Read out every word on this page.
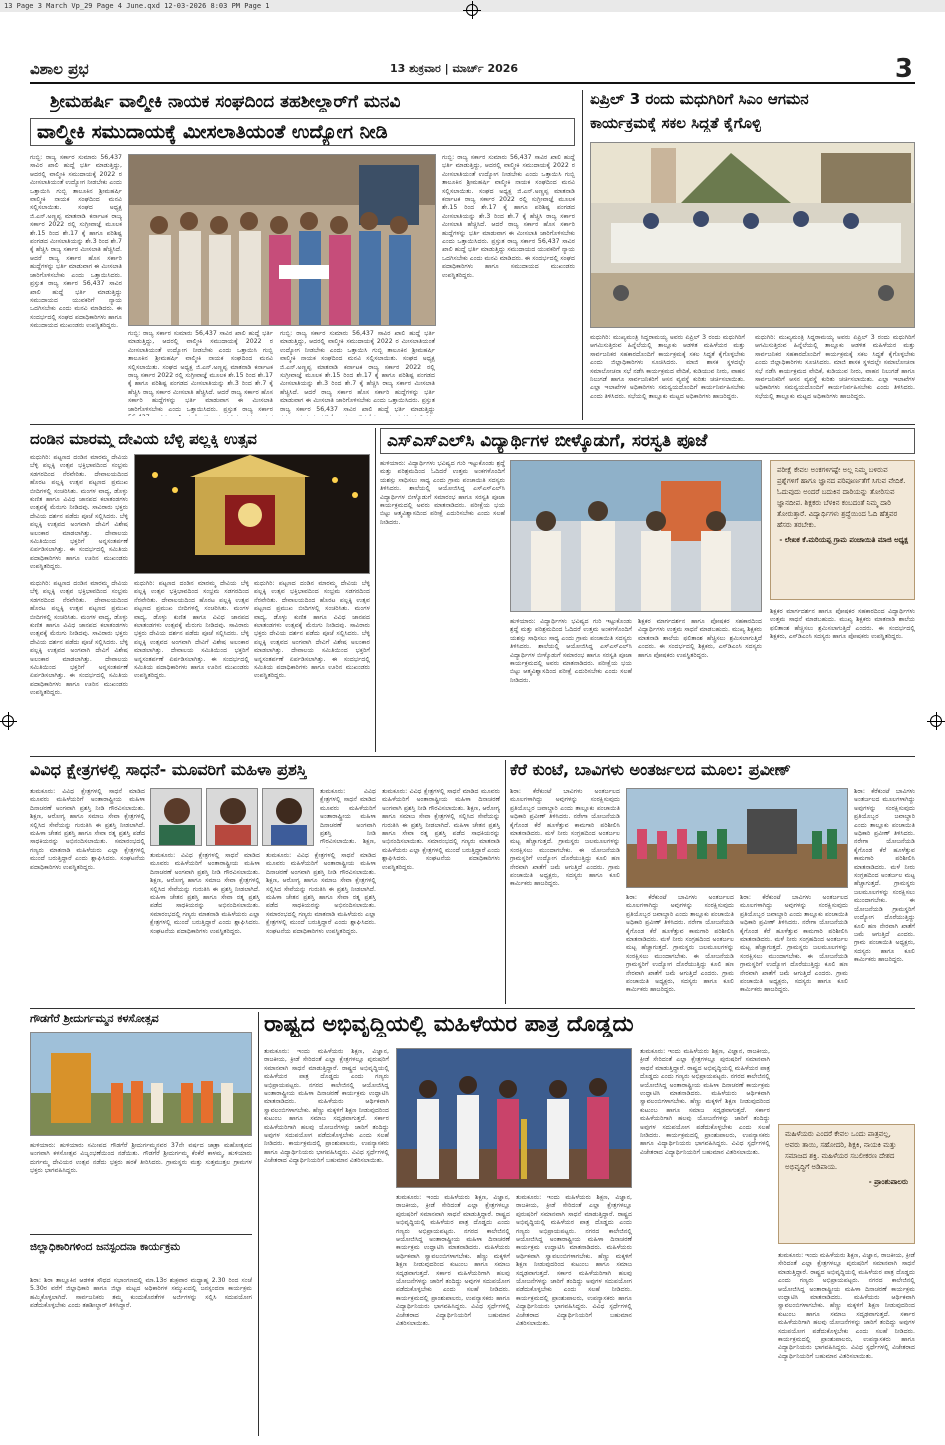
13 Page 3 March Vp_29 Page 4 June.qxd 12-03-2026 8:03 PM Page 1
ವಿಶಾಲ ಪ್ರಭ	13 ಶುಕ್ರವಾರ | ಮಾರ್ಚ್ 2026	3
ಶ್ರೀಮಹರ್ಷಿ ವಾಲ್ಮೀಕಿ ನಾಯಕ ಸಂಘದಿಂದ ತಹಶೀಲ್ದಾರ್‌ಗೆ ಮನವಿ
ವಾಲ್ಮೀಕಿ ಸಮುದಾಯಕ್ಕೆ ಮೀಸಲಾತಿಯಂತೆ ಉದ್ಯೋಗ ನೀಡಿ
ಗುಬ್ಬಿ: ರಾಜ್ಯ ಸರ್ಕಾರ ಸುಮಾರು 56,437 ಸಾವಿರ ಖಾಲಿ ಹುದ್ದೆ ಭರ್ತಿ ಮಾಡುತ್ತಿದ್ದು, ಆದರಲ್ಲಿ ವಾಲ್ಮೀಕಿ ಸಮುದಾಯಕ್ಕೆ 2022 ರ ಮೀಸಲಾತಿಯಂತೆ ಉದ್ಯೋಗ ನೀಡಬೇಕು ಎಂದು ಒತ್ತಾಯಿಸಿ ಗುಬ್ಬಿ ತಾಲೂಕಿನ ಶ್ರೀಮಹರ್ಷಿ ವಾಲ್ಮೀಕಿ ನಾಯಕ ಸಂಘದಿಂದ ಮನವಿ ಸಲ್ಲಿಸಲಾಯಿತು. ಸಂಘದ ಅಧ್ಯಕ್ಷ ಜಿ.ಎನ್.ಅಣ್ಣಪ್ಪ ಮಾತನಾಡಿ ಕರ್ನಾಟಕ ರಾಜ್ಯ ಸರ್ಕಾರ 2022 ರಲ್ಲಿ ಸುಗ್ರೀವಾಜ್ಞೆ ಮೂಲಕ ಶೇ.15 ರಿಂದ ಶೇ.17 ಕ್ಕೆ ಹಾಗೂ ಪರಿಶಿಷ್ಟ ಪಂಗಡದ ಮೀಸಲಾತಿಯನ್ನು ಶೇ.3 ರಿಂದ ಶೇ.7 ಕ್ಕೆ ಹೆಚ್ಚಿಸಿ ರಾಜ್ಯ ಸರ್ಕಾರ ಮೀಸಲಾತಿ ಹೆಚ್ಚಿಸಿದೆ. ಆದರೆ ರಾಜ್ಯ ಸರ್ಕಾರ ಹೊಸ ಸರ್ಕಾರಿ ಹುದ್ದೆಗಳನ್ನು ಭರ್ತಿ ಮಾಡುವಾಗ ಈ ಮೀಸಲಾತಿ ಜಾರಿಗೊಳಿಸಬೇಕು ಎಂದು ಒತ್ತಾಯಿಸಿದರು. ಪ್ರಸ್ತುತ ರಾಜ್ಯ ಸರ್ಕಾರ 56,437 ಸಾವಿರ ಖಾಲಿ ಹುದ್ದೆ ಭರ್ತಿ ಮಾಡುತ್ತಿದ್ದು ಸಮುದಾಯದ ಯುವಕರಿಗೆ ನ್ಯಾಯ ಒದಗಿಸಬೇಕು ಎಂದು ಮನವಿ ಮಾಡಿದರು. ಈ ಸಂದರ್ಭದಲ್ಲಿ ಸಂಘದ ಪದಾಧಿಕಾರಿಗಳು ಹಾಗೂ ಸಮುದಾಯದ ಮುಖಂಡರು ಉಪಸ್ಥಿತರಿದ್ದರು.
ಗುಬ್ಬಿ: ರಾಜ್ಯ ಸರ್ಕಾರ ಸುಮಾರು 56,437 ಸಾವಿರ ಖಾಲಿ ಹುದ್ದೆ ಭರ್ತಿ ಮಾಡುತ್ತಿದ್ದು, ಆದರಲ್ಲಿ ವಾಲ್ಮೀಕಿ ಸಮುದಾಯಕ್ಕೆ 2022 ರ ಮೀಸಲಾತಿಯಂತೆ ಉದ್ಯೋಗ ನೀಡಬೇಕು ಎಂದು ಒತ್ತಾಯಿಸಿ ಗುಬ್ಬಿ ತಾಲೂಕಿನ ಶ್ರೀಮಹರ್ಷಿ ವಾಲ್ಮೀಕಿ ನಾಯಕ ಸಂಘದಿಂದ ಮನವಿ ಸಲ್ಲಿಸಲಾಯಿತು. ಸಂಘದ ಅಧ್ಯಕ್ಷ ಜಿ.ಎನ್.ಅಣ್ಣಪ್ಪ ಮಾತನಾಡಿ ಕರ್ನಾಟಕ ರಾಜ್ಯ ಸರ್ಕಾರ 2022 ರಲ್ಲಿ ಸುಗ್ರೀವಾಜ್ಞೆ ಮೂಲಕ ಶೇ.15 ರಿಂದ ಶೇ.17 ಕ್ಕೆ ಹಾಗೂ ಪರಿಶಿಷ್ಟ ಪಂಗಡದ ಮೀಸಲಾತಿಯನ್ನು ಶೇ.3 ರಿಂದ ಶೇ.7 ಕ್ಕೆ ಹೆಚ್ಚಿಸಿ ರಾಜ್ಯ ಸರ್ಕಾರ ಮೀಸಲಾತಿ ಹೆಚ್ಚಿಸಿದೆ. ಆದರೆ ರಾಜ್ಯ ಸರ್ಕಾರ ಹೊಸ ಸರ್ಕಾರಿ ಹುದ್ದೆಗಳನ್ನು ಭರ್ತಿ ಮಾಡುವಾಗ ಈ ಮೀಸಲಾತಿ ಜಾರಿಗೊಳಿಸಬೇಕು ಎಂದು ಒತ್ತಾಯಿಸಿದರು. ಪ್ರಸ್ತುತ ರಾಜ್ಯ ಸರ್ಕಾರ
ಗುಬ್ಬಿ: ರಾಜ್ಯ ಸರ್ಕಾರ ಸುಮಾರು 56,437 ಸಾವಿರ ಖಾಲಿ ಹುದ್ದೆ ಭರ್ತಿ ಮಾಡುತ್ತಿದ್ದು, ಆದರಲ್ಲಿ ವಾಲ್ಮೀಕಿ ಸಮುದಾಯಕ್ಕೆ 2022 ರ ಮೀಸಲಾತಿಯಂತೆ ಉದ್ಯೋಗ ನೀಡಬೇಕು ಎಂದು ಒತ್ತಾಯಿಸಿ ಗುಬ್ಬಿ ತಾಲೂಕಿನ ಶ್ರೀಮಹರ್ಷಿ ವಾಲ್ಮೀಕಿ ನಾಯಕ ಸಂಘದಿಂದ ಮನವಿ ಸಲ್ಲಿಸಲಾಯಿತು. ಸಂಘದ ಅಧ್ಯಕ್ಷ ಜಿ.ಎನ್.ಅಣ್ಣಪ್ಪ ಮಾತನಾಡಿ ಕರ್ನಾಟಕ ರಾಜ್ಯ ಸರ್ಕಾರ 2022 ರಲ್ಲಿ ಸುಗ್ರೀವಾಜ್ಞೆ ಮೂಲಕ ಶೇ.15 ರಿಂದ ಶೇ.17 ಕ್ಕೆ ಹಾಗೂ ಪರಿಶಿಷ್ಟ ಪಂಗಡದ ಮೀಸಲಾತಿಯನ್ನು ಶೇ.3 ರಿಂದ ಶೇ.7 ಕ್ಕೆ ಹೆಚ್ಚಿಸಿ ರಾಜ್ಯ ಸರ್ಕಾರ ಮೀಸಲಾತಿ ಹೆಚ್ಚಿಸಿದೆ. ಆದರೆ ರಾಜ್ಯ ಸರ್ಕಾರ ಹೊಸ ಸರ್ಕಾರಿ ಹುದ್ದೆಗಳನ್ನು ಭರ್ತಿ ಮಾಡುವಾಗ ಈ ಮೀಸಲಾತಿ ಜಾರಿಗೊಳಿಸಬೇಕು ಎಂದು ಒತ್ತಾಯಿಸಿದರು. ಪ್ರಸ್ತುತ ರಾಜ್ಯ ಸರ್ಕಾರ 56,437 ಸಾವಿರ ಖಾಲಿ ಹುದ್ದೆ ಭರ್ತಿ ಮಾಡುತ್ತಿದ್ದು
ಗುಬ್ಬಿ: ರಾಜ್ಯ ಸರ್ಕಾರ ಸುಮಾರು 56,437 ಸಾವಿರ ಖಾಲಿ ಹುದ್ದೆ ಭರ್ತಿ ಮಾಡುತ್ತಿದ್ದು, ಆದರಲ್ಲಿ ವಾಲ್ಮೀಕಿ ಸಮುದಾಯಕ್ಕೆ 2022 ರ ಮೀಸಲಾತಿಯಂತೆ ಉದ್ಯೋಗ ನೀಡಬೇಕು ಎಂದು ಒತ್ತಾಯಿಸಿ ಗುಬ್ಬಿ ತಾಲೂಕಿನ ಶ್ರೀಮಹರ್ಷಿ ವಾಲ್ಮೀಕಿ ನಾಯಕ ಸಂಘದಿಂದ ಮನವಿ ಸಲ್ಲಿಸಲಾಯಿತು. ಸಂಘದ ಅಧ್ಯಕ್ಷ ಜಿ.ಎನ್.ಅಣ್ಣಪ್ಪ ಮಾತನಾಡಿ ಕರ್ನಾಟಕ ರಾಜ್ಯ ಸರ್ಕಾರ 2022 ರಲ್ಲಿ ಸುಗ್ರೀವಾಜ್ಞೆ ಮೂಲಕ ಶೇ.15 ರಿಂದ ಶೇ.17 ಕ್ಕೆ ಹಾಗೂ ಪರಿಶಿಷ್ಟ ಪಂಗಡದ ಮೀಸಲಾತಿಯನ್ನು ಶೇ.3 ರಿಂದ ಶೇ.7 ಕ್ಕೆ ಹೆಚ್ಚಿಸಿ ರಾಜ್ಯ ಸರ್ಕಾರ ಮೀಸಲಾತಿ ಹೆಚ್ಚಿಸಿದೆ. ಆದರೆ ರಾಜ್ಯ ಸರ್ಕಾರ ಹೊಸ ಸರ್ಕಾರಿ ಹುದ್ದೆಗಳನ್ನು ಭರ್ತಿ ಮಾಡುವಾಗ ಈ ಮೀಸಲಾತಿ ಜಾರಿಗೊಳಿಸಬೇಕು ಎಂದು ಒತ್ತಾಯಿಸಿದರು. ಪ್ರಸ್ತುತ ರಾಜ್ಯ ಸರ್ಕಾರ 56,437 ಸಾವಿರ ಖಾಲಿ ಹುದ್ದೆ ಭರ್ತಿ ಮಾಡುತ್ತಿದ್ದು ಸಮುದಾಯದ ಯುವಕರಿಗೆ ನ್ಯಾಯ ಒದಗಿಸಬೇಕು ಎಂದು ಮನವಿ ಮಾಡಿದರು. ಈ ಸಂದರ್ಭದಲ್ಲಿ ಸಂಘದ ಪದಾಧಿಕಾರಿಗಳು ಹಾಗೂ ಸಮುದಾಯದ ಮುಖಂಡರು ಉಪಸ್ಥಿತರಿದ್ದರು.
ಏಪ್ರಿಲ್ 3 ರಂದು ಮಧುಗಿರಿಗೆ ಸಿಎಂ ಆಗಮನ
ಕಾರ್ಯಕ್ರಮಕ್ಕೆ ಸಕಲ ಸಿದ್ಧತೆ ಕೈಗೊಳ್ಳಿ
ಮಧುಗಿರಿ: ಮುಖ್ಯಮಂತ್ರಿ ಸಿದ್ದರಾಮಯ್ಯ ಅವರು ಏಪ್ರಿಲ್ 3 ರಂದು ಮಧುಗಿರಿಗೆ ಆಗಮಿಸುತ್ತಿರುವ ಹಿನ್ನೆಲೆಯಲ್ಲಿ ತಾಲ್ಲೂಕು ಆಡಳಿತ ಮಹಿಳೆಯರ ಮತ್ತು ಸಾರ್ವಜನಿಕರ ಸಹಕಾರದೊಂದಿಗೆ ಕಾರ್ಯಕ್ರಮಕ್ಕೆ ಸಕಲ ಸಿದ್ಧತೆ ಕೈಗೊಳ್ಳಬೇಕು ಎಂದು ಜಿಲ್ಲಾಧಿಕಾರಿಗಳು ಸೂಚಿಸಿದರು. ಮಾಜಿ ಶಾಸಕ ಸ್ಥಳದಲ್ಲೇ ಸಮಾಲೋಚನಾ ಸಭೆ ನಡೆಸಿ ಕಾರ್ಯಕ್ರಮದ ವೇದಿಕೆ, ಕುಡಿಯುವ ನೀರು, ವಾಹನ ನಿಲುಗಡೆ ಹಾಗೂ ಸಾರ್ವಜನಿಕರಿಗೆ ಆಸನ ವ್ಯವಸ್ಥೆ ಕುರಿತು ಚರ್ಚಿಸಲಾಯಿತು. ಎಲ್ಲಾ ಇಲಾಖೆಗಳ ಅಧಿಕಾರಿಗಳು ಸಮನ್ವಯದೊಂದಿಗೆ ಕಾರ್ಯನಿರ್ವಹಿಸಬೇಕು ಎಂದು ತಿಳಿಸಿದರು. ಸಭೆಯಲ್ಲಿ ತಾಲ್ಲೂಕು ಮಟ್ಟದ ಅಧಿಕಾರಿಗಳು ಹಾಜರಿದ್ದರು.
ಮಧುಗಿರಿ: ಮುಖ್ಯಮಂತ್ರಿ ಸಿದ್ದರಾಮಯ್ಯ ಅವರು ಏಪ್ರಿಲ್ 3 ರಂದು ಮಧುಗಿರಿಗೆ ಆಗಮಿಸುತ್ತಿರುವ ಹಿನ್ನೆಲೆಯಲ್ಲಿ ತಾಲ್ಲೂಕು ಆಡಳಿತ ಮಹಿಳೆಯರ ಮತ್ತು ಸಾರ್ವಜನಿಕರ ಸಹಕಾರದೊಂದಿಗೆ ಕಾರ್ಯಕ್ರಮಕ್ಕೆ ಸಕಲ ಸಿದ್ಧತೆ ಕೈಗೊಳ್ಳಬೇಕು ಎಂದು ಜಿಲ್ಲಾಧಿಕಾರಿಗಳು ಸೂಚಿಸಿದರು. ಮಾಜಿ ಶಾಸಕ ಸ್ಥಳದಲ್ಲೇ ಸಮಾಲೋಚನಾ ಸಭೆ ನಡೆಸಿ ಕಾರ್ಯಕ್ರಮದ ವೇದಿಕೆ, ಕುಡಿಯುವ ನೀರು, ವಾಹನ ನಿಲುಗಡೆ ಹಾಗೂ ಸಾರ್ವಜನಿಕರಿಗೆ ಆಸನ ವ್ಯವಸ್ಥೆ ಕುರಿತು ಚರ್ಚಿಸಲಾಯಿತು. ಎಲ್ಲಾ ಇಲಾಖೆಗಳ ಅಧಿಕಾರಿಗಳು ಸಮನ್ವಯದೊಂದಿಗೆ ಕಾರ್ಯನಿರ್ವಹಿಸಬೇಕು ಎಂದು ತಿಳಿಸಿದರು. ಸಭೆಯಲ್ಲಿ ತಾಲ್ಲೂಕು ಮಟ್ಟದ ಅಧಿಕಾರಿಗಳು ಹಾಜರಿದ್ದರು.
ದಂಡಿನ ಮಾರಮ್ಮ ದೇವಿಯ ಬೆಳ್ಳಿ ಪಲ್ಲಕ್ಕಿ ಉತ್ಸವ
ಮಧುಗಿರಿ: ಪಟ್ಟಣದ ದಂಡಿನ ಮಾರಮ್ಮ ದೇವಿಯ ಬೆಳ್ಳಿ ಪಲ್ಲಕ್ಕಿ ಉತ್ಸವ ಭಕ್ತಿಭಾವದಿಂದ ಸಂಭ್ರಮ ಸಡಗರದಿಂದ ನೆರವೇರಿತು. ದೇವಾಲಯದಿಂದ ಹೊರಟ ಪಲ್ಲಕ್ಕಿ ಉತ್ಸವ ಪಟ್ಟಣದ ಪ್ರಮುಖ ಬೀದಿಗಳಲ್ಲಿ ಸಂಚರಿಸಿತು. ಮಂಗಳ ವಾದ್ಯ, ಡೊಳ್ಳು ಕುಣಿತ ಹಾಗೂ ವಿವಿಧ ಜಾನಪದ ಕಲಾತಂಡಗಳು ಉತ್ಸವಕ್ಕೆ ಮೆರುಗು ನೀಡಿದವು. ಸಾವಿರಾರು ಭಕ್ತರು ದೇವಿಯ ದರ್ಶನ ಪಡೆದು ಪೂಜೆ ಸಲ್ಲಿಸಿದರು. ಬೆಳ್ಳಿ ಪಲ್ಲಕ್ಕಿ ಉತ್ಸವದ ಅಂಗವಾಗಿ ದೇವಿಗೆ ವಿಶೇಷ ಅಲಂಕಾರ ಮಾಡಲಾಗಿತ್ತು. ದೇವಾಲಯ ಸಮಿತಿಯಿಂದ ಭಕ್ತರಿಗೆ ಅನ್ನಸಂತರ್ಪಣೆ ಏರ್ಪಡಿಸಲಾಗಿತ್ತು. ಈ ಸಂದರ್ಭದಲ್ಲಿ ಸಮಿತಿಯ ಪದಾಧಿಕಾರಿಗಳು ಹಾಗೂ ಊರಿನ ಮುಖಂಡರು ಉಪಸ್ಥಿತರಿದ್ದರು.
ಮಧುಗಿರಿ: ಪಟ್ಟಣದ ದಂಡಿನ ಮಾರಮ್ಮ ದೇವಿಯ ಬೆಳ್ಳಿ ಪಲ್ಲಕ್ಕಿ ಉತ್ಸವ ಭಕ್ತಿಭಾವದಿಂದ ಸಂಭ್ರಮ ಸಡಗರದಿಂದ ನೆರವೇರಿತು. ದೇವಾಲಯದಿಂದ ಹೊರಟ ಪಲ್ಲಕ್ಕಿ ಉತ್ಸವ ಪಟ್ಟಣದ ಪ್ರಮುಖ ಬೀದಿಗಳಲ್ಲಿ ಸಂಚರಿಸಿತು. ಮಂಗಳ ವಾದ್ಯ, ಡೊಳ್ಳು ಕುಣಿತ ಹಾಗೂ ವಿವಿಧ ಜಾನಪದ ಕಲಾತಂಡಗಳು ಉತ್ಸವಕ್ಕೆ ಮೆರುಗು ನೀಡಿದವು. ಸಾವಿರಾರು ಭಕ್ತರು ದೇವಿಯ ದರ್ಶನ ಪಡೆದು ಪೂಜೆ ಸಲ್ಲಿಸಿದರು. ಬೆಳ್ಳಿ ಪಲ್ಲಕ್ಕಿ ಉತ್ಸವದ ಅಂಗವಾಗಿ ದೇವಿಗೆ ವಿಶೇಷ ಅಲಂಕಾರ ಮಾಡಲಾಗಿತ್ತು. ದೇವಾಲಯ ಸಮಿತಿಯಿಂದ ಭಕ್ತರಿಗೆ ಅನ್ನಸಂತರ್ಪಣೆ ಏರ್ಪಡಿಸಲಾಗಿತ್ತು. ಈ ಸಂದರ್ಭದಲ್ಲಿ ಸಮಿತಿಯ ಪದಾಧಿಕಾರಿಗಳು ಹಾಗೂ ಊರಿನ ಮುಖಂಡರು ಉಪಸ್ಥಿತರಿದ್ದರು.
ಮಧುಗಿರಿ: ಪಟ್ಟಣದ ದಂಡಿನ ಮಾರಮ್ಮ ದೇವಿಯ ಬೆಳ್ಳಿ ಪಲ್ಲಕ್ಕಿ ಉತ್ಸವ ಭಕ್ತಿಭಾವದಿಂದ ಸಂಭ್ರಮ ಸಡಗರದಿಂದ ನೆರವೇರಿತು. ದೇವಾಲಯದಿಂದ ಹೊರಟ ಪಲ್ಲಕ್ಕಿ ಉತ್ಸವ ಪಟ್ಟಣದ ಪ್ರಮುಖ ಬೀದಿಗಳಲ್ಲಿ ಸಂಚರಿಸಿತು. ಮಂಗಳ ವಾದ್ಯ, ಡೊಳ್ಳು ಕುಣಿತ ಹಾಗೂ ವಿವಿಧ ಜಾನಪದ ಕಲಾತಂಡಗಳು ಉತ್ಸವಕ್ಕೆ ಮೆರುಗು ನೀಡಿದವು. ಸಾವಿರಾರು ಭಕ್ತರು ದೇವಿಯ ದರ್ಶನ ಪಡೆದು ಪೂಜೆ ಸಲ್ಲಿಸಿದರು. ಬೆಳ್ಳಿ ಪಲ್ಲಕ್ಕಿ ಉತ್ಸವದ ಅಂಗವಾಗಿ ದೇವಿಗೆ ವಿಶೇಷ ಅಲಂಕಾರ ಮಾಡಲಾಗಿತ್ತು. ದೇವಾಲಯ ಸಮಿತಿಯಿಂದ ಭಕ್ತರಿಗೆ ಅನ್ನಸಂತರ್ಪಣೆ ಏರ್ಪಡಿಸಲಾಗಿತ್ತು. ಈ ಸಂದರ್ಭದಲ್ಲಿ ಸಮಿತಿಯ ಪದಾಧಿಕಾರಿಗಳು ಹಾಗೂ ಊರಿನ ಮುಖಂಡರು ಉಪಸ್ಥಿತರಿದ್ದರು.
ಮಧುಗಿರಿ: ಪಟ್ಟಣದ ದಂಡಿನ ಮಾರಮ್ಮ ದೇವಿಯ ಬೆಳ್ಳಿ ಪಲ್ಲಕ್ಕಿ ಉತ್ಸವ ಭಕ್ತಿಭಾವದಿಂದ ಸಂಭ್ರಮ ಸಡಗರದಿಂದ ನೆರವೇರಿತು. ದೇವಾಲಯದಿಂದ ಹೊರಟ ಪಲ್ಲಕ್ಕಿ ಉತ್ಸವ ಪಟ್ಟಣದ ಪ್ರಮುಖ ಬೀದಿಗಳಲ್ಲಿ ಸಂಚರಿಸಿತು. ಮಂಗಳ ವಾದ್ಯ, ಡೊಳ್ಳು ಕುಣಿತ ಹಾಗೂ ವಿವಿಧ ಜಾನಪದ ಕಲಾತಂಡಗಳು ಉತ್ಸವಕ್ಕೆ ಮೆರುಗು ನೀಡಿದವು. ಸಾವಿರಾರು ಭಕ್ತರು ದೇವಿಯ ದರ್ಶನ ಪಡೆದು ಪೂಜೆ ಸಲ್ಲಿಸಿದರು. ಬೆಳ್ಳಿ ಪಲ್ಲಕ್ಕಿ ಉತ್ಸವದ ಅಂಗವಾಗಿ ದೇವಿಗೆ ವಿಶೇಷ ಅಲಂಕಾರ ಮಾಡಲಾಗಿತ್ತು. ದೇವಾಲಯ ಸಮಿತಿಯಿಂದ ಭಕ್ತರಿಗೆ ಅನ್ನಸಂತರ್ಪಣೆ ಏರ್ಪಡಿಸಲಾಗಿತ್ತು. ಈ ಸಂದರ್ಭದಲ್ಲಿ ಸಮಿತಿಯ ಪದಾಧಿಕಾರಿಗಳು ಹಾಗೂ ಊರಿನ ಮುಖಂಡರು ಉಪಸ್ಥಿತರಿದ್ದರು.
ಎಸ್ಎಸ್ಎಲ್‌ಸಿ ವಿದ್ಯಾರ್ಥಿಗಳ ಬೀಳ್ಕೊಡುಗೆ, ಸರಸ್ವತಿ ಪೂಜೆ
ಹುಳಿಯಾರು: ವಿದ್ಯಾರ್ಥಿಗಳು ಭವಿಷ್ಯದ ಗುರಿ ಇಟ್ಟುಕೊಂಡು ಶ್ರದ್ಧೆ ಮತ್ತು ಪರಿಶ್ರಮದಿಂದ ಓದಿದರೆ ಉತ್ತಮ ಅಂಕಗಳೊಂದಿಗೆ ಯಶಸ್ಸು ಸಾಧಿಸಲು ಸಾಧ್ಯ ಎಂದು ಗ್ರಾಮ ಪಂಚಾಯಿತಿ ಸದಸ್ಯರು ತಿಳಿಸಿದರು. ಶಾಲೆಯಲ್ಲಿ ಆಯೋಜಿಸಿದ್ದ ಎಸ್ಎಸ್ಎಲ್‌ಸಿ ವಿದ್ಯಾರ್ಥಿಗಳ ಬೀಳ್ಕೊಡುಗೆ ಸಮಾರಂಭ ಹಾಗೂ ಸರಸ್ವತಿ ಪೂಜಾ ಕಾರ್ಯಕ್ರಮದಲ್ಲಿ ಅವರು ಮಾತನಾಡಿದರು. ಪರೀಕ್ಷೆಯ ಭಯ ಬಿಟ್ಟು ಆತ್ಮವಿಶ್ವಾಸದಿಂದ ಪರೀಕ್ಷೆ ಎದುರಿಸಬೇಕು ಎಂದು ಸಲಹೆ ನೀಡಿದರು.
ಪರೀಕ್ಷೆ ಕೇವಲ ಅಂಕಗಳಿಗಷ್ಟೇ ಅಲ್ಲ ನಿಮ್ಮ ಬಳಿರುವ ಪ್ರಶ್ನೆಗಳಿಗೆ ಹಾಗೂ ಜ್ಞಾನದ ಪರಿಪೂರ್ಣತೆಗೆ ಸಿಗುವ ವೇದಿಕೆ. ಓದುವುದು ಅಂದರೆ ಬದುಕಿನ ದಾರಿಯನ್ನು ತೋರಿಸುವ ಜ್ಞಾನದೀಪ. ಶಿಕ್ಷಕರು ಬೆಳಕಿನ ಕಂಬದಂತೆ ನಿಮ್ಮ ದಾರಿ ತೋರುತ್ತಾರೆ. ವಿದ್ಯಾರ್ಥಿಗಳು ಶ್ರದ್ಧೆಯಿಂದ ಓದಿ ಹೆತ್ತವರ ಹೆಸರು ತರಬೇಕು.
- ಲೇಖಕ ಕೆ.ಮರಿಯಪ್ಪ ಗ್ರಾಮ ಪಂಚಾಯಿತಿ ಮಾಜಿ ಅಧ್ಯಕ್ಷ
ಹುಳಿಯಾರು: ವಿದ್ಯಾರ್ಥಿಗಳು ಭವಿಷ್ಯದ ಗುರಿ ಇಟ್ಟುಕೊಂಡು ಶ್ರದ್ಧೆ ಮತ್ತು ಪರಿಶ್ರಮದಿಂದ ಓದಿದರೆ ಉತ್ತಮ ಅಂಕಗಳೊಂದಿಗೆ ಯಶಸ್ಸು ಸಾಧಿಸಲು ಸಾಧ್ಯ ಎಂದು ಗ್ರಾಮ ಪಂಚಾಯಿತಿ ಸದಸ್ಯರು ತಿಳಿಸಿದರು. ಶಾಲೆಯಲ್ಲಿ ಆಯೋಜಿಸಿದ್ದ ಎಸ್ಎಸ್ಎಲ್‌ಸಿ ವಿದ್ಯಾರ್ಥಿಗಳ ಬೀಳ್ಕೊಡುಗೆ ಸಮಾರಂಭ ಹಾಗೂ ಸರಸ್ವತಿ ಪೂಜಾ ಕಾರ್ಯಕ್ರಮದಲ್ಲಿ ಅವರು ಮಾತನಾಡಿದರು. ಪರೀಕ್ಷೆಯ ಭಯ ಬಿಟ್ಟು ಆತ್ಮವಿಶ್ವಾಸದಿಂದ ಪರೀಕ್ಷೆ ಎದುರಿಸಬೇಕು ಎಂದು ಸಲಹೆ ನೀಡಿದರು.
ಶಿಕ್ಷಕರ ಮಾರ್ಗದರ್ಶನ ಹಾಗೂ ಪೋಷಕರ ಸಹಕಾರದಿಂದ ವಿದ್ಯಾರ್ಥಿಗಳು ಉತ್ತಮ ಸಾಧನೆ ಮಾಡಬಹುದು. ಮುಖ್ಯ ಶಿಕ್ಷಕರು ಮಾತನಾಡಿ ಶಾಲೆಯ ಫಲಿತಾಂಶ ಹೆಚ್ಚಿಸಲು ಶ್ರಮಿಸಲಾಗುತ್ತಿದೆ ಎಂದರು. ಈ ಸಂದರ್ಭದಲ್ಲಿ ಶಿಕ್ಷಕರು, ಎಸ್‌ಡಿಎಂಸಿ ಸದಸ್ಯರು ಹಾಗೂ ಪೋಷಕರು ಉಪಸ್ಥಿತರಿದ್ದರು.
ಶಿಕ್ಷಕರ ಮಾರ್ಗದರ್ಶನ ಹಾಗೂ ಪೋಷಕರ ಸಹಕಾರದಿಂದ ವಿದ್ಯಾರ್ಥಿಗಳು ಉತ್ತಮ ಸಾಧನೆ ಮಾಡಬಹುದು. ಮುಖ್ಯ ಶಿಕ್ಷಕರು ಮಾತನಾಡಿ ಶಾಲೆಯ ಫಲಿತಾಂಶ ಹೆಚ್ಚಿಸಲು ಶ್ರಮಿಸಲಾಗುತ್ತಿದೆ ಎಂದರು. ಈ ಸಂದರ್ಭದಲ್ಲಿ ಶಿಕ್ಷಕರು, ಎಸ್‌ಡಿಎಂಸಿ ಸದಸ್ಯರು ಹಾಗೂ ಪೋಷಕರು ಉಪಸ್ಥಿತರಿದ್ದರು.
ವಿವಿಧ ಕ್ಷೇತ್ರಗಳಲ್ಲಿ ಸಾಧನೆ- ಮೂವರಿಗೆ ಮಹಿಳಾ ಪ್ರಶಸ್ತಿ
ತುಮಕೂರು: ವಿವಿಧ ಕ್ಷೇತ್ರಗಳಲ್ಲಿ ಸಾಧನೆ ಮಾಡಿದ ಮೂವರು ಮಹಿಳೆಯರಿಗೆ ಅಂತಾರಾಷ್ಟ್ರೀಯ ಮಹಿಳಾ ದಿನಾಚರಣೆ ಅಂಗವಾಗಿ ಪ್ರಶಸ್ತಿ ನೀಡಿ ಗೌರವಿಸಲಾಯಿತು. ಶಿಕ್ಷಣ, ಆರೋಗ್ಯ ಹಾಗೂ ಸಮಾಜ ಸೇವಾ ಕ್ಷೇತ್ರಗಳಲ್ಲಿ ಸಲ್ಲಿಸಿದ ಸೇವೆಯನ್ನು ಗುರುತಿಸಿ ಈ ಪ್ರಶಸ್ತಿ ನೀಡಲಾಗಿದೆ. ಮಹಿಳಾ ಚೇತನ ಪ್ರಶಸ್ತಿ ಹಾಗೂ ಸೇವಾ ರತ್ನ ಪ್ರಶಸ್ತಿ ಪಡೆದ ಸಾಧಕಿಯರನ್ನು ಅಭಿನಂದಿಸಲಾಯಿತು. ಸಮಾರಂಭದಲ್ಲಿ ಗಣ್ಯರು ಮಾತನಾಡಿ ಮಹಿಳೆಯರು ಎಲ್ಲಾ ಕ್ಷೇತ್ರಗಳಲ್ಲಿ ಮುಂದೆ ಬರುತ್ತಿದ್ದಾರೆ ಎಂದು ಶ್ಲಾಘಿಸಿದರು. ಸಂಘಟನೆಯ ಪದಾಧಿಕಾರಿಗಳು ಉಪಸ್ಥಿತರಿದ್ದರು.
ತುಮಕೂರು: ವಿವಿಧ ಕ್ಷೇತ್ರಗಳಲ್ಲಿ ಸಾಧನೆ ಮಾಡಿದ ಮೂವರು ಮಹಿಳೆಯರಿಗೆ ಅಂತಾರಾಷ್ಟ್ರೀಯ ಮಹಿಳಾ ದಿನಾಚರಣೆ ಅಂಗವಾಗಿ ಪ್ರಶಸ್ತಿ ನೀಡಿ ಗೌರವಿಸಲಾಯಿತು. ಶಿಕ್ಷಣ, ಆರೋಗ್ಯ ಹಾಗೂ ಸಮಾಜ ಸೇವಾ ಕ್ಷೇತ್ರಗಳಲ್ಲಿ ಸಲ್ಲಿಸಿದ ಸೇವೆಯನ್ನು ಗುರುತಿಸಿ ಈ ಪ್ರಶಸ್ತಿ ನೀಡಲಾಗಿದೆ. ಮಹಿಳಾ ಚೇತನ ಪ್ರಶಸ್ತಿ ಹಾಗೂ ಸೇವಾ ರತ್ನ ಪ್ರಶಸ್ತಿ ಪಡೆದ ಸಾಧಕಿಯರನ್ನು ಅಭಿನಂದಿಸಲಾಯಿತು. ಸಮಾರಂಭದಲ್ಲಿ ಗಣ್ಯರು ಮಾತನಾಡಿ ಮಹಿಳೆಯರು ಎಲ್ಲಾ ಕ್ಷೇತ್ರಗಳಲ್ಲಿ ಮುಂದೆ ಬರುತ್ತಿದ್ದಾರೆ ಎಂದು ಶ್ಲಾಘಿಸಿದರು. ಸಂಘಟನೆಯ ಪದಾಧಿಕಾರಿಗಳು ಉಪಸ್ಥಿತರಿದ್ದರು.
ತುಮಕೂರು: ವಿವಿಧ ಕ್ಷೇತ್ರಗಳಲ್ಲಿ ಸಾಧನೆ ಮಾಡಿದ ಮೂವರು ಮಹಿಳೆಯರಿಗೆ ಅಂತಾರಾಷ್ಟ್ರೀಯ ಮಹಿಳಾ ದಿನಾಚರಣೆ ಅಂಗವಾಗಿ ಪ್ರಶಸ್ತಿ ನೀಡಿ ಗೌರವಿಸಲಾಯಿತು. ಶಿಕ್ಷಣ, ಆರೋಗ್ಯ ಹಾಗೂ ಸಮಾಜ ಸೇವಾ ಕ್ಷೇತ್ರಗಳಲ್ಲಿ ಸಲ್ಲಿಸಿದ ಸೇವೆಯನ್ನು ಗುರುತಿಸಿ ಈ ಪ್ರಶಸ್ತಿ ನೀಡಲಾಗಿದೆ. ಮಹಿಳಾ ಚೇತನ ಪ್ರಶಸ್ತಿ ಹಾಗೂ ಸೇವಾ ರತ್ನ ಪ್ರಶಸ್ತಿ ಪಡೆದ ಸಾಧಕಿಯರನ್ನು ಅಭಿನಂದಿಸಲಾಯಿತು. ಸಮಾರಂಭದಲ್ಲಿ ಗಣ್ಯರು ಮಾತನಾಡಿ ಮಹಿಳೆಯರು ಎಲ್ಲಾ ಕ್ಷೇತ್ರಗಳಲ್ಲಿ ಮುಂದೆ ಬರುತ್ತಿದ್ದಾರೆ ಎಂದು ಶ್ಲಾಘಿಸಿದರು. ಸಂಘಟನೆಯ ಪದಾಧಿಕಾರಿಗಳು ಉಪಸ್ಥಿತರಿದ್ದರು.
ತುಮಕೂರು: ವಿವಿಧ ಕ್ಷೇತ್ರಗಳಲ್ಲಿ ಸಾಧನೆ ಮಾಡಿದ ಮೂವರು ಮಹಿಳೆಯರಿಗೆ ಅಂತಾರಾಷ್ಟ್ರೀಯ ಮಹಿಳಾ ದಿನಾಚರಣೆ ಅಂಗವಾಗಿ ಪ್ರಶಸ್ತಿ ನೀಡಿ ಗೌರವಿಸಲಾಯಿತು. ಶಿಕ್ಷಣ,
ತುಮಕೂರು: ವಿವಿಧ ಕ್ಷೇತ್ರಗಳಲ್ಲಿ ಸಾಧನೆ ಮಾಡಿದ ಮೂವರು ಮಹಿಳೆಯರಿಗೆ ಅಂತಾರಾಷ್ಟ್ರೀಯ ಮಹಿಳಾ ದಿನಾಚರಣೆ ಅಂಗವಾಗಿ ಪ್ರಶಸ್ತಿ ನೀಡಿ ಗೌರವಿಸಲಾಯಿತು. ಶಿಕ್ಷಣ, ಆರೋಗ್ಯ ಹಾಗೂ ಸಮಾಜ ಸೇವಾ ಕ್ಷೇತ್ರಗಳಲ್ಲಿ ಸಲ್ಲಿಸಿದ ಸೇವೆಯನ್ನು ಗುರುತಿಸಿ ಈ ಪ್ರಶಸ್ತಿ ನೀಡಲಾಗಿದೆ. ಮಹಿಳಾ ಚೇತನ ಪ್ರಶಸ್ತಿ ಹಾಗೂ ಸೇವಾ ರತ್ನ ಪ್ರಶಸ್ತಿ ಪಡೆದ ಸಾಧಕಿಯರನ್ನು ಅಭಿನಂದಿಸಲಾಯಿತು. ಸಮಾರಂಭದಲ್ಲಿ ಗಣ್ಯರು ಮಾತನಾಡಿ ಮಹಿಳೆಯರು ಎಲ್ಲಾ ಕ್ಷೇತ್ರಗಳಲ್ಲಿ ಮುಂದೆ ಬರುತ್ತಿದ್ದಾರೆ ಎಂದು ಶ್ಲಾಘಿಸಿದರು. ಸಂಘಟನೆಯ ಪದಾಧಿಕಾರಿಗಳು ಉಪಸ್ಥಿತರಿದ್ದರು.
ಕೆರೆ ಕುಂಟೆ, ಬಾವಿಗಳು ಅಂತರ್ಜಲದ ಮೂಲ: ಪ್ರವೀಣ್
ಶಿರಾ: ಕೆರೆಕುಂಟೆ ಬಾವಿಗಳು ಅಂತರ್ಜಲದ ಮೂಲಗಳಾಗಿದ್ದು ಅವುಗಳನ್ನು ಸಂರಕ್ಷಿಸುವುದು ಪ್ರತಿಯೊಬ್ಬರ ಜವಾಬ್ದಾರಿ ಎಂದು ತಾಲ್ಲೂಕು ಪಂಚಾಯಿತಿ ಅಧಿಕಾರಿ ಪ್ರವೀಣ್ ತಿಳಿಸಿದರು. ನರೇಗಾ ಯೋಜನೆಯಡಿ ಕೈಗೊಂಡ ಕೆರೆ ಹೂಳೆತ್ತುವ ಕಾಮಗಾರಿ ಪರಿಶೀಲಿಸಿ ಮಾತನಾಡಿದರು. ಮಳೆ ನೀರು ಸಂಗ್ರಹದಿಂದ ಅಂತರ್ಜಲ ಮಟ್ಟ ಹೆಚ್ಚಾಗುತ್ತದೆ. ಗ್ರಾಮಸ್ಥರು ಜಲಮೂಲಗಳನ್ನು ಸಂರಕ್ಷಿಸಲು ಮುಂದಾಗಬೇಕು. ಈ ಯೋಜನೆಯಡಿ ಗ್ರಾಮಸ್ಥರಿಗೆ ಉದ್ಯೋಗ ದೊರೆಯುತ್ತಿದ್ದು ಕೂಲಿ ಹಣ ನೇರವಾಗಿ ಖಾತೆಗೆ ಜಮೆ ಆಗುತ್ತಿದೆ ಎಂದರು. ಗ್ರಾಮ ಪಂಚಾಯಿತಿ ಅಧ್ಯಕ್ಷರು, ಸದಸ್ಯರು ಹಾಗೂ ಕೂಲಿ ಕಾರ್ಮಿಕರು ಹಾಜರಿದ್ದರು.
ಶಿರಾ: ಕೆರೆಕುಂಟೆ ಬಾವಿಗಳು ಅಂತರ್ಜಲದ ಮೂಲಗಳಾಗಿದ್ದು ಅವುಗಳನ್ನು ಸಂರಕ್ಷಿಸುವುದು ಪ್ರತಿಯೊಬ್ಬರ ಜವಾಬ್ದಾರಿ ಎಂದು ತಾಲ್ಲೂಕು ಪಂಚಾಯಿತಿ ಅಧಿಕಾರಿ ಪ್ರವೀಣ್ ತಿಳಿಸಿದರು. ನರೇಗಾ ಯೋಜನೆಯಡಿ ಕೈಗೊಂಡ ಕೆರೆ ಹೂಳೆತ್ತುವ ಕಾಮಗಾರಿ ಪರಿಶೀಲಿಸಿ ಮಾತನಾಡಿದರು. ಮಳೆ ನೀರು ಸಂಗ್ರಹದಿಂದ ಅಂತರ್ಜಲ ಮಟ್ಟ ಹೆಚ್ಚಾಗುತ್ತದೆ. ಗ್ರಾಮಸ್ಥರು ಜಲಮೂಲಗಳನ್ನು ಸಂರಕ್ಷಿಸಲು ಮುಂದಾಗಬೇಕು. ಈ ಯೋಜನೆಯಡಿ ಗ್ರಾಮಸ್ಥರಿಗೆ ಉದ್ಯೋಗ ದೊರೆಯುತ್ತಿದ್ದು ಕೂಲಿ ಹಣ ನೇರವಾಗಿ ಖಾತೆಗೆ ಜಮೆ ಆಗುತ್ತಿದೆ ಎಂದರು. ಗ್ರಾಮ ಪಂಚಾಯಿತಿ ಅಧ್ಯಕ್ಷರು, ಸದಸ್ಯರು ಹಾಗೂ ಕೂಲಿ ಕಾರ್ಮಿಕರು ಹಾಜರಿದ್ದರು.
ಶಿರಾ: ಕೆರೆಕುಂಟೆ ಬಾವಿಗಳು ಅಂತರ್ಜಲದ ಮೂಲಗಳಾಗಿದ್ದು ಅವುಗಳನ್ನು ಸಂರಕ್ಷಿಸುವುದು ಪ್ರತಿಯೊಬ್ಬರ ಜವಾಬ್ದಾರಿ ಎಂದು ತಾಲ್ಲೂಕು ಪಂಚಾಯಿತಿ ಅಧಿಕಾರಿ ಪ್ರವೀಣ್ ತಿಳಿಸಿದರು. ನರೇಗಾ ಯೋಜನೆಯಡಿ ಕೈಗೊಂಡ ಕೆರೆ ಹೂಳೆತ್ತುವ ಕಾಮಗಾರಿ ಪರಿಶೀಲಿಸಿ ಮಾತನಾಡಿದರು. ಮಳೆ ನೀರು ಸಂಗ್ರಹದಿಂದ ಅಂತರ್ಜಲ ಮಟ್ಟ ಹೆಚ್ಚಾಗುತ್ತದೆ. ಗ್ರಾಮಸ್ಥರು ಜಲಮೂಲಗಳನ್ನು ಸಂರಕ್ಷಿಸಲು ಮುಂದಾಗಬೇಕು. ಈ ಯೋಜನೆಯಡಿ ಗ್ರಾಮಸ್ಥರಿಗೆ ಉದ್ಯೋಗ ದೊರೆಯುತ್ತಿದ್ದು ಕೂಲಿ ಹಣ ನೇರವಾಗಿ ಖಾತೆಗೆ ಜಮೆ ಆಗುತ್ತಿದೆ ಎಂದರು. ಗ್ರಾಮ ಪಂಚಾಯಿತಿ ಅಧ್ಯಕ್ಷರು, ಸದಸ್ಯರು ಹಾಗೂ ಕೂಲಿ ಕಾರ್ಮಿಕರು ಹಾಜರಿದ್ದರು.
ಶಿರಾ: ಕೆರೆಕುಂಟೆ ಬಾವಿಗಳು ಅಂತರ್ಜಲದ ಮೂಲಗಳಾಗಿದ್ದು ಅವುಗಳನ್ನು ಸಂರಕ್ಷಿಸುವುದು ಪ್ರತಿಯೊಬ್ಬರ ಜವಾಬ್ದಾರಿ ಎಂದು ತಾಲ್ಲೂಕು ಪಂಚಾಯಿತಿ ಅಧಿಕಾರಿ ಪ್ರವೀಣ್ ತಿಳಿಸಿದರು. ನರೇಗಾ ಯೋಜನೆಯಡಿ ಕೈಗೊಂಡ ಕೆರೆ ಹೂಳೆತ್ತುವ ಕಾಮಗಾರಿ ಪರಿಶೀಲಿಸಿ ಮಾತನಾಡಿದರು. ಮಳೆ ನೀರು ಸಂಗ್ರಹದಿಂದ ಅಂತರ್ಜಲ ಮಟ್ಟ ಹೆಚ್ಚಾಗುತ್ತದೆ. ಗ್ರಾಮಸ್ಥರು ಜಲಮೂಲಗಳನ್ನು ಸಂರಕ್ಷಿಸಲು ಮುಂದಾಗಬೇಕು. ಈ ಯೋಜನೆಯಡಿ ಗ್ರಾಮಸ್ಥರಿಗೆ ಉದ್ಯೋಗ ದೊರೆಯುತ್ತಿದ್ದು ಕೂಲಿ ಹಣ ನೇರವಾಗಿ ಖಾತೆಗೆ ಜಮೆ ಆಗುತ್ತಿದೆ ಎಂದರು. ಗ್ರಾಮ ಪಂಚಾಯಿತಿ ಅಧ್ಯಕ್ಷರು, ಸದಸ್ಯರು ಹಾಗೂ ಕೂಲಿ ಕಾರ್ಮಿಕರು ಹಾಜರಿದ್ದರು.
ಗೌಡಗೆರೆ ಶ್ರೀದುರ್ಗಮ್ಮನ ಕಳಸೋತ್ಸವ
ಹುಳಿಯಾರು: ಹುಳಿಯಾರು ಸಮೀಪದ ಗೌಡಗೆರೆ ಶ್ರೀದುರ್ಗಮ್ಮನವರ 37ನೇ ವರ್ಷದ ಜಾತ್ರಾ ಮಹೋತ್ಸವದ ಅಂಗವಾಗಿ ಕಳಸೋತ್ಸವ ವಿಜೃಂಭಣೆಯಿಂದ ನಡೆಯಿತು. ಗೌಡಗೆರೆ ಶ್ರೀದುರ್ಗಮ್ಮ ಕೆಂಕೆರೆ ಕಾಳಮ್ಮ, ಹುಳಿಯಾರು ದುರ್ಗಮ್ಮ ದೇವಿಯರ ಉತ್ಸವ ನಡೆದು ಭಕ್ತರು ಹರಕೆ ತೀರಿಸಿದರು. ಗ್ರಾಮಸ್ಥರು ಮತ್ತು ಸುತ್ತಮುತ್ತಲ ಗ್ರಾಮಗಳ ಭಕ್ತರು ಭಾಗವಹಿಸಿದ್ದರು.
ಜಿಲ್ಲಾಧಿಕಾರಿಗಳಿಂದ ಜನಸ್ಪಂದನಾ ಕಾರ್ಯಕ್ರಮ
ಶಿರಾ: ಶಿರಾ ತಾಲ್ಲೂಕಿನ ಆಡಳಿತ ಸೌಧದ ಸಭಾಂಗಣದಲ್ಲಿ ಮಾ.13ರ ಶುಕ್ರವಾರ ಮಧ್ಯಾಹ್ನ 2.30 ರಿಂದ ಸಂಜೆ 5.30ರ ವರೆಗೆ ಜಿಲ್ಲಾಧಿಕಾರಿ ಹಾಗೂ ಜಿಲ್ಲಾ ಮಟ್ಟದ ಅಧಿಕಾರಿಗಳ ಸಮ್ಮುಖದಲ್ಲಿ ಜನಸ್ಪಂದನಾ ಕಾರ್ಯಕ್ರಮ ಹಮ್ಮಿಕೊಳ್ಳಲಾಗಿದೆ. ಸಾರ್ವಜನಿಕರು ತಮ್ಮ ಕುಂದುಕೊರತೆಗಳ ಅರ್ಜಿಗಳನ್ನು ಸಲ್ಲಿಸಿ ಸದುಪಯೋಗ ಪಡೆದುಕೊಳ್ಳಬೇಕು ಎಂದು ತಹಶೀಲ್ದಾರ್ ತಿಳಿಸಿದ್ದಾರೆ.
ರಾಷ್ಟ್ರದ ಅಭಿವೃದ್ಧಿಯಲ್ಲಿ ಮಹಿಳೆಯರ ಪಾತ್ರ ದೊಡ್ಡದು
ತುಮಕೂರು: ಇಂದು ಮಹಿಳೆಯರು ಶಿಕ್ಷಣ, ವಿಜ್ಞಾನ, ರಾಜಕೀಯ, ಕ್ರೀಡೆ ಸೇರಿದಂತೆ ಎಲ್ಲಾ ಕ್ಷೇತ್ರಗಳಲ್ಲೂ ಪುರುಷರಿಗೆ ಸಮಾನವಾಗಿ ಸಾಧನೆ ಮಾಡುತ್ತಿದ್ದಾರೆ. ರಾಷ್ಟ್ರದ ಅಭಿವೃದ್ಧಿಯಲ್ಲಿ ಮಹಿಳೆಯರ ಪಾತ್ರ ದೊಡ್ಡದು ಎಂದು ಗಣ್ಯರು ಅಭಿಪ್ರಾಯಪಟ್ಟರು. ನಗರದ ಕಾಲೇಜಿನಲ್ಲಿ ಆಯೋಜಿಸಿದ್ದ ಅಂತಾರಾಷ್ಟ್ರೀಯ ಮಹಿಳಾ ದಿನಾಚರಣೆ ಕಾರ್ಯಕ್ರಮ ಉದ್ಘಾಟಿಸಿ ಮಾತನಾಡಿದರು. ಮಹಿಳೆಯರು ಆರ್ಥಿಕವಾಗಿ ಸ್ವಾವಲಂಬಿಗಳಾಗಬೇಕು. ಹೆಣ್ಣು ಮಕ್ಕಳಿಗೆ ಶಿಕ್ಷಣ ನೀಡುವುದರಿಂದ ಕುಟುಂಬ ಹಾಗೂ ಸಮಾಜ ಸದೃಢವಾಗುತ್ತದೆ. ಸರ್ಕಾರ ಮಹಿಳೆಯರಿಗಾಗಿ ಹಲವು ಯೋಜನೆಗಳನ್ನು ಜಾರಿಗೆ ತಂದಿದ್ದು ಅವುಗಳ ಸದುಪಯೋಗ ಪಡೆದುಕೊಳ್ಳಬೇಕು ಎಂದು ಸಲಹೆ ನೀಡಿದರು. ಕಾರ್ಯಕ್ರಮದಲ್ಲಿ ಪ್ರಾಂಶುಪಾಲರು, ಉಪನ್ಯಾಸಕರು ಹಾಗೂ ವಿದ್ಯಾರ್ಥಿನಿಯರು ಭಾಗವಹಿಸಿದ್ದರು. ವಿವಿಧ ಸ್ಪರ್ಧೆಗಳಲ್ಲಿ ವಿಜೇತರಾದ ವಿದ್ಯಾರ್ಥಿನಿಯರಿಗೆ ಬಹುಮಾನ ವಿತರಿಸಲಾಯಿತು.
ತುಮಕೂರು: ಇಂದು ಮಹಿಳೆಯರು ಶಿಕ್ಷಣ, ವಿಜ್ಞಾನ, ರಾಜಕೀಯ, ಕ್ರೀಡೆ ಸೇರಿದಂತೆ ಎಲ್ಲಾ ಕ್ಷೇತ್ರಗಳಲ್ಲೂ ಪುರುಷರಿಗೆ ಸಮಾನವಾಗಿ ಸಾಧನೆ ಮಾಡುತ್ತಿದ್ದಾರೆ. ರಾಷ್ಟ್ರದ ಅಭಿವೃದ್ಧಿಯಲ್ಲಿ ಮಹಿಳೆಯರ ಪಾತ್ರ ದೊಡ್ಡದು ಎಂದು ಗಣ್ಯರು ಅಭಿಪ್ರಾಯಪಟ್ಟರು. ನಗರದ ಕಾಲೇಜಿನಲ್ಲಿ ಆಯೋಜಿಸಿದ್ದ ಅಂತಾರಾಷ್ಟ್ರೀಯ ಮಹಿಳಾ ದಿನಾಚರಣೆ ಕಾರ್ಯಕ್ರಮ ಉದ್ಘಾಟಿಸಿ ಮಾತನಾಡಿದರು. ಮಹಿಳೆಯರು ಆರ್ಥಿಕವಾಗಿ ಸ್ವಾವಲಂಬಿಗಳಾಗಬೇಕು. ಹೆಣ್ಣು ಮಕ್ಕಳಿಗೆ ಶಿಕ್ಷಣ ನೀಡುವುದರಿಂದ ಕುಟುಂಬ ಹಾಗೂ ಸಮಾಜ ಸದೃಢವಾಗುತ್ತದೆ. ಸರ್ಕಾರ ಮಹಿಳೆಯರಿಗಾಗಿ ಹಲವು ಯೋಜನೆಗಳನ್ನು ಜಾರಿಗೆ ತಂದಿದ್ದು ಅವುಗಳ ಸದುಪಯೋಗ ಪಡೆದುಕೊಳ್ಳಬೇಕು ಎಂದು ಸಲಹೆ ನೀಡಿದರು. ಕಾರ್ಯಕ್ರಮದಲ್ಲಿ ಪ್ರಾಂಶುಪಾಲರು, ಉಪನ್ಯಾಸಕರು ಹಾಗೂ ವಿದ್ಯಾರ್ಥಿನಿಯರು ಭಾಗವಹಿಸಿದ್ದರು. ವಿವಿಧ ಸ್ಪರ್ಧೆಗಳಲ್ಲಿ ವಿಜೇತರಾದ ವಿದ್ಯಾರ್ಥಿನಿಯರಿಗೆ ಬಹುಮಾನ ವಿತರಿಸಲಾಯಿತು.
ತುಮಕೂರು: ಇಂದು ಮಹಿಳೆಯರು ಶಿಕ್ಷಣ, ವಿಜ್ಞಾನ, ರಾಜಕೀಯ, ಕ್ರೀಡೆ ಸೇರಿದಂತೆ ಎಲ್ಲಾ ಕ್ಷೇತ್ರಗಳಲ್ಲೂ ಪುರುಷರಿಗೆ ಸಮಾನವಾಗಿ ಸಾಧನೆ ಮಾಡುತ್ತಿದ್ದಾರೆ. ರಾಷ್ಟ್ರದ ಅಭಿವೃದ್ಧಿಯಲ್ಲಿ ಮಹಿಳೆಯರ ಪಾತ್ರ ದೊಡ್ಡದು ಎಂದು ಗಣ್ಯರು ಅಭಿಪ್ರಾಯಪಟ್ಟರು. ನಗರದ ಕಾಲೇಜಿನಲ್ಲಿ ಆಯೋಜಿಸಿದ್ದ ಅಂತಾರಾಷ್ಟ್ರೀಯ ಮಹಿಳಾ ದಿನಾಚರಣೆ ಕಾರ್ಯಕ್ರಮ ಉದ್ಘಾಟಿಸಿ ಮಾತನಾಡಿದರು. ಮಹಿಳೆಯರು ಆರ್ಥಿಕವಾಗಿ ಸ್ವಾವಲಂಬಿಗಳಾಗಬೇಕು. ಹೆಣ್ಣು ಮಕ್ಕಳಿಗೆ ಶಿಕ್ಷಣ ನೀಡುವುದರಿಂದ ಕುಟುಂಬ ಹಾಗೂ ಸಮಾಜ ಸದೃಢವಾಗುತ್ತದೆ. ಸರ್ಕಾರ ಮಹಿಳೆಯರಿಗಾಗಿ ಹಲವು ಯೋಜನೆಗಳನ್ನು ಜಾರಿಗೆ ತಂದಿದ್ದು ಅವುಗಳ ಸದುಪಯೋಗ ಪಡೆದುಕೊಳ್ಳಬೇಕು ಎಂದು ಸಲಹೆ ನೀಡಿದರು. ಕಾರ್ಯಕ್ರಮದಲ್ಲಿ ಪ್ರಾಂಶುಪಾಲರು, ಉಪನ್ಯಾಸಕರು ಹಾಗೂ ವಿದ್ಯಾರ್ಥಿನಿಯರು ಭಾಗವಹಿಸಿದ್ದರು. ವಿವಿಧ ಸ್ಪರ್ಧೆಗಳಲ್ಲಿ ವಿಜೇತರಾದ ವಿದ್ಯಾರ್ಥಿನಿಯರಿಗೆ ಬಹುಮಾನ ವಿತರಿಸಲಾಯಿತು.
ತುಮಕೂರು: ಇಂದು ಮಹಿಳೆಯರು ಶಿಕ್ಷಣ, ವಿಜ್ಞಾನ, ರಾಜಕೀಯ, ಕ್ರೀಡೆ ಸೇರಿದಂತೆ ಎಲ್ಲಾ ಕ್ಷೇತ್ರಗಳಲ್ಲೂ ಪುರುಷರಿಗೆ ಸಮಾನವಾಗಿ ಸಾಧನೆ ಮಾಡುತ್ತಿದ್ದಾರೆ. ರಾಷ್ಟ್ರದ ಅಭಿವೃದ್ಧಿಯಲ್ಲಿ ಮಹಿಳೆಯರ ಪಾತ್ರ ದೊಡ್ಡದು ಎಂದು ಗಣ್ಯರು ಅಭಿಪ್ರಾಯಪಟ್ಟರು. ನಗರದ ಕಾಲೇಜಿನಲ್ಲಿ ಆಯೋಜಿಸಿದ್ದ ಅಂತಾರಾಷ್ಟ್ರೀಯ ಮಹಿಳಾ ದಿನಾಚರಣೆ ಕಾರ್ಯಕ್ರಮ ಉದ್ಘಾಟಿಸಿ ಮಾತನಾಡಿದರು. ಮಹಿಳೆಯರು ಆರ್ಥಿಕವಾಗಿ ಸ್ವಾವಲಂಬಿಗಳಾಗಬೇಕು. ಹೆಣ್ಣು ಮಕ್ಕಳಿಗೆ ಶಿಕ್ಷಣ ನೀಡುವುದರಿಂದ ಕುಟುಂಬ ಹಾಗೂ ಸಮಾಜ ಸದೃಢವಾಗುತ್ತದೆ. ಸರ್ಕಾರ ಮಹಿಳೆಯರಿಗಾಗಿ ಹಲವು ಯೋಜನೆಗಳನ್ನು ಜಾರಿಗೆ ತಂದಿದ್ದು ಅವುಗಳ ಸದುಪಯೋಗ ಪಡೆದುಕೊಳ್ಳಬೇಕು ಎಂದು ಸಲಹೆ ನೀಡಿದರು. ಕಾರ್ಯಕ್ರಮದಲ್ಲಿ ಪ್ರಾಂಶುಪಾಲರು, ಉಪನ್ಯಾಸಕರು ಹಾಗೂ ವಿದ್ಯಾರ್ಥಿನಿಯರು ಭಾಗವಹಿಸಿದ್ದರು. ವಿವಿಧ ಸ್ಪರ್ಧೆಗಳಲ್ಲಿ ವಿಜೇತರಾದ ವಿದ್ಯಾರ್ಥಿನಿಯರಿಗೆ ಬಹುಮಾನ ವಿತರಿಸಲಾಯಿತು.
ಮಹಿಳೆಯರು ಎಂದರೆ ಕೇವಲ ಒಂದು ಪಾತ್ರವಲ್ಲ, ಅವರು ತಾಯಿ, ಸಹೋದರಿ, ಶಿಕ್ಷಕಿ, ನಾಯಕಿ ಮತ್ತು ಸಮಾಜದ ಶಕ್ತಿ. ಮಹಿಳೆಯರ ಸಬಲೀಕರಣ ದೇಶದ ಅಭಿವೃದ್ಧಿಗೆ ಅಡಿಪಾಯ.
- ಪ್ರಾಂಶುಪಾಲರು
ತುಮಕೂರು: ಇಂದು ಮಹಿಳೆಯರು ಶಿಕ್ಷಣ, ವಿಜ್ಞಾನ, ರಾಜಕೀಯ, ಕ್ರೀಡೆ ಸೇರಿದಂತೆ ಎಲ್ಲಾ ಕ್ಷೇತ್ರಗಳಲ್ಲೂ ಪುರುಷರಿಗೆ ಸಮಾನವಾಗಿ ಸಾಧನೆ ಮಾಡುತ್ತಿದ್ದಾರೆ. ರಾಷ್ಟ್ರದ ಅಭಿವೃದ್ಧಿಯಲ್ಲಿ ಮಹಿಳೆಯರ ಪಾತ್ರ ದೊಡ್ಡದು ಎಂದು ಗಣ್ಯರು ಅಭಿಪ್ರಾಯಪಟ್ಟರು. ನಗರದ ಕಾಲೇಜಿನಲ್ಲಿ ಆಯೋಜಿಸಿದ್ದ ಅಂತಾರಾಷ್ಟ್ರೀಯ ಮಹಿಳಾ ದಿನಾಚರಣೆ ಕಾರ್ಯಕ್ರಮ ಉದ್ಘಾಟಿಸಿ ಮಾತನಾಡಿದರು. ಮಹಿಳೆಯರು ಆರ್ಥಿಕವಾಗಿ ಸ್ವಾವಲಂಬಿಗಳಾಗಬೇಕು. ಹೆಣ್ಣು ಮಕ್ಕಳಿಗೆ ಶಿಕ್ಷಣ ನೀಡುವುದರಿಂದ ಕುಟುಂಬ ಹಾಗೂ ಸಮಾಜ ಸದೃಢವಾಗುತ್ತದೆ. ಸರ್ಕಾರ ಮಹಿಳೆಯರಿಗಾಗಿ ಹಲವು ಯೋಜನೆಗಳನ್ನು ಜಾರಿಗೆ ತಂದಿದ್ದು ಅವುಗಳ ಸದುಪಯೋಗ ಪಡೆದುಕೊಳ್ಳಬೇಕು ಎಂದು ಸಲಹೆ ನೀಡಿದರು. ಕಾರ್ಯಕ್ರಮದಲ್ಲಿ ಪ್ರಾಂಶುಪಾಲರು, ಉಪನ್ಯಾಸಕರು ಹಾಗೂ ವಿದ್ಯಾರ್ಥಿನಿಯರು ಭಾಗವಹಿಸಿದ್ದರು. ವಿವಿಧ ಸ್ಪರ್ಧೆಗಳಲ್ಲಿ ವಿಜೇತರಾದ ವಿದ್ಯಾರ್ಥಿನಿಯರಿಗೆ ಬಹುಮಾನ ವಿತರಿಸಲಾಯಿತು.
